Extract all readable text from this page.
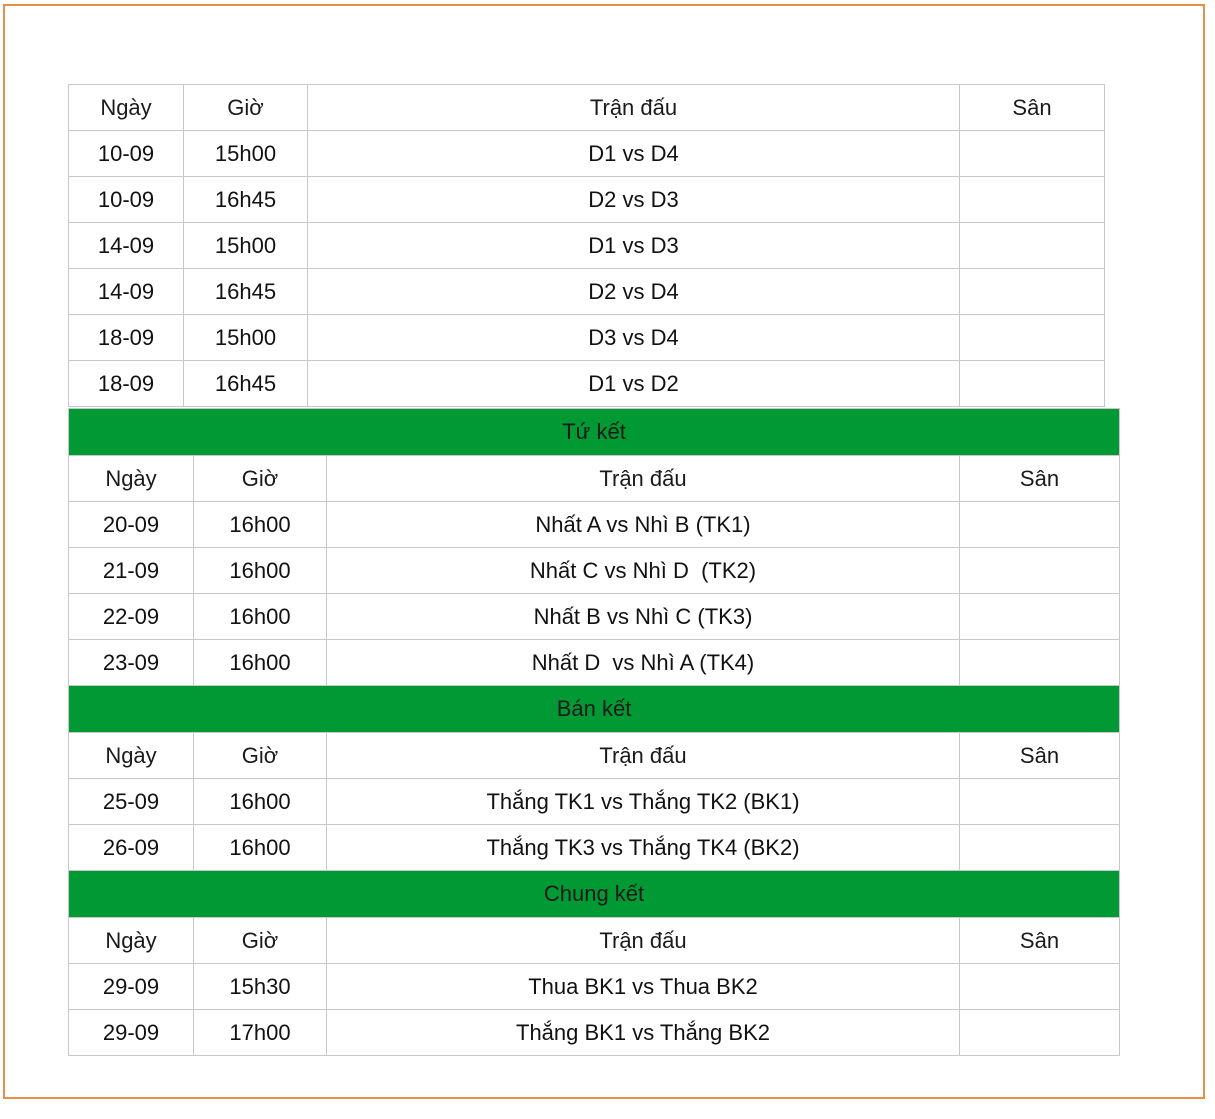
Ngày	Giờ	Trận đấu	Sân
10-09	15h00	D1 vs D4	
10-09	16h45	D2 vs D3	
14-09	15h00	D1 vs D3	
14-09	16h45	D2 vs D4	
18-09	15h00	D3 vs D4	
18-09	16h45	D1 vs D2	
Tứ kết			
Ngày	Giờ	Trận đấu	Sân
20-09	16h00	Nhất A vs Nhì B (TK1)	
21-09	16h00	Nhất C vs Nhì D  (TK2)	
22-09	16h00	Nhất B vs Nhì C (TK3)	
23-09	16h00	Nhất D  vs Nhì A (TK4)	
Bán kết			
Ngày	Giờ	Trận đấu	Sân
25-09	16h00	Thắng TK1 vs Thắng TK2 (BK1)	
26-09	16h00	Thắng TK3 vs Thắng TK4 (BK2)	
Chung kết			
Ngày	Giờ	Trận đấu	Sân
29-09	15h30	Thua BK1 vs Thua BK2	
29-09	17h00	Thắng BK1 vs Thắng BK2	
